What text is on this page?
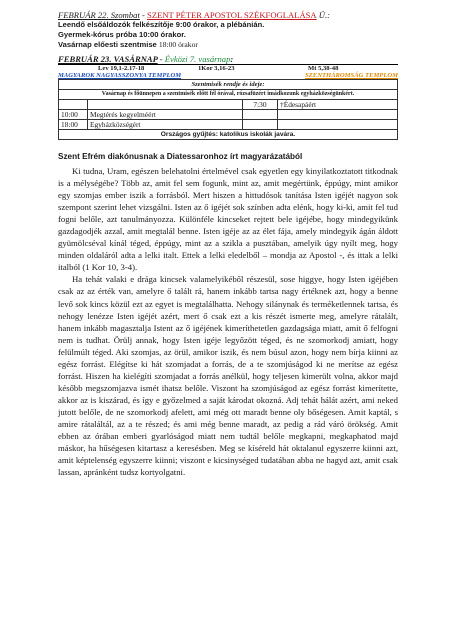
FEBRUÁR 22. Szombat - SZENT PÉTER APOSTOL SZÉKFOGLALÁSA Ü.:
Leendő elsőáldozók felkészítője 9:00 órakor, a plébánián.
Gyermek-kórus próba 10:00 órakor.
Vasárnap előesti szentmise 18:00 órakor
FEBRUÁR 23. VASÁRNAP - Évközi 7. vasárnap:
Lev 19,1-2.17-18	1Kor 3,16-23	Mt 5,38-48
MAGYAROK NAGYASSZONYA TEMPLOM	SZENTHÁROMSÁG TEMPLOM
Szentmisék rendje és ideje:			
Vasárnap és főünnepen a szentmisék előtt fél órával, rózsafüzért imádkozunk egyházközségünkért.			
		7:30	†Édesapáért
10:00	Megtérés kegyelméért		
18:00	Egyházközségért		
Országos gyűjtés: katolikus iskolák javára.			
Szent Efrém diakónusnak a Diatessaronhoz írt magyarázatából

Ki tudna, Uram, egészen belehatolni értelmével csak egyetlen egy kinyilatkoztatott titkodnak is a mélységébe? Több az, amit fel sem fogunk, mint az, amit megértünk, éppúgy, mint amikor egy szomjas ember iszik a forrásból. Mert hiszen a hittudósok tanítása Isten igéjét nagyon sok szempont szerint lehet vizsgálni. Isten az ő igéjét sok színben adta elénk, hogy ki-ki, amit fel tud fogni belőle, azt tanulmányozza. Különféle kincseket rejtett bele igéjébe, hogy mindegyikünk gazdagodjék azzal, amit megtalál benne. Isten igéje az az élet fája, amely mindegyik ágán áldott gyümölcséval kínál téged, éppúgy, mint az a szikla a pusztában, amelyik úgy nyílt meg, hogy minden oldaláról adta a lelki italt. Ettek a lelki eledelből – mondja az Apostol -, és ittak a lelki italból (1 Kor 10, 3-4).

Ha tehát valaki e drága kincsek valamelyikéből részesül, sose higgye, hogy Isten igéjében csak az az érték van, amelyre ő talált rá, hanem inkább tartsa nagy értéknek azt, hogy a benne levő sok kincs közül ezt az egyet is megtalálhatta. Nehogy silánynak és terméketlennek tartsa, és nehogy lenézze Isten igéjét azért, mert ő csak ezt a kis részét ismerte meg, amelyre rátalált, hanem inkább magasztalja Istent az ő igéjének kimeríthetetlen gazdagsága miatt, amit ő felfogni nem is tudhat. Örülj annak, hogy Isten igéje legyőzött téged, és ne szomorkodj amiatt, hogy felülmúlt téged. Aki szomjas, az örül, amikor iszik, és nem búsul azon, hogy nem bírja kiinni az egész forrást. Elégítse ki hát szomjadat a forrás, de a te szomjúságod ki ne merítse az egész forrást. Hiszen ha kielégíti szomjadat a forrás anélkül, hogy teljesen kimerült volna, akkor majd később megszomjazva ismét ihatsz belőle. Viszont ha szomjúságod az egész forrást kimerítette, akkor az is kiszárad, és így e győzelmed a saját károdat okozná. Adj tehát hálát azért, ami neked jutott belőle, de ne szomorkodj afelett, ami még ott maradt benne oly bőségesen. Amit kaptál, s amire rátaláltál, az a te részed; és ami még benne maradt, az pedig a rád váró örökség. Amit ebben az órában emberi gyarlóságod miatt nem tudtál belőle megkapni, megkaphatod majd máskor, ha hűségesen kitartasz a keresésben. Meg se kíséreld hát oktalanul egyszerre kiinni azt, amit képtelenség egyszerre kiinni; viszont e kicsinységed tudatában abba ne hagyd azt, amit csak lassan, apránként tudsz kortyolgatni.
